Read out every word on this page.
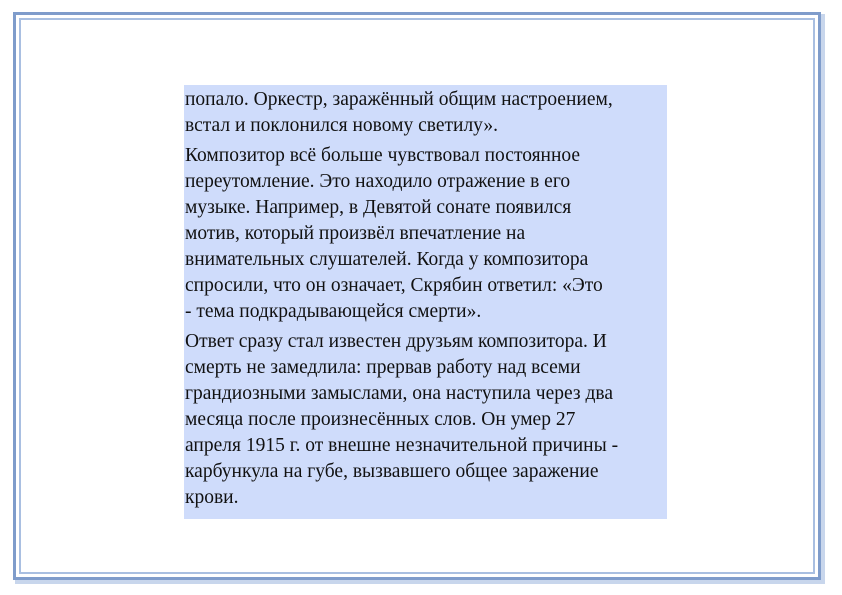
попало. Оркестр, заражённый общим настроением,
встал и поклонился новому светилу».
Композитор всё больше чувствовал постоянное
переутомление. Это находило отражение в его
музыке. Например, в Девятой сонате появился
мотив, который произвёл впечатление на
внимательных слушателей. Когда у композитора
спросили, что он означает, Скрябин ответил: «Это
- тема подкрадывающейся смерти».
Ответ сразу стал известен друзьям композитора. И
смерть не замедлила: прервав работу над всеми
грандиозными замыслами, она наступила через два
месяца после произнесённых слов. Он умер 27
апреля 1915 г. от внешне незначительной причины -
карбункула на губе, вызвавшего общее заражение
крови.
